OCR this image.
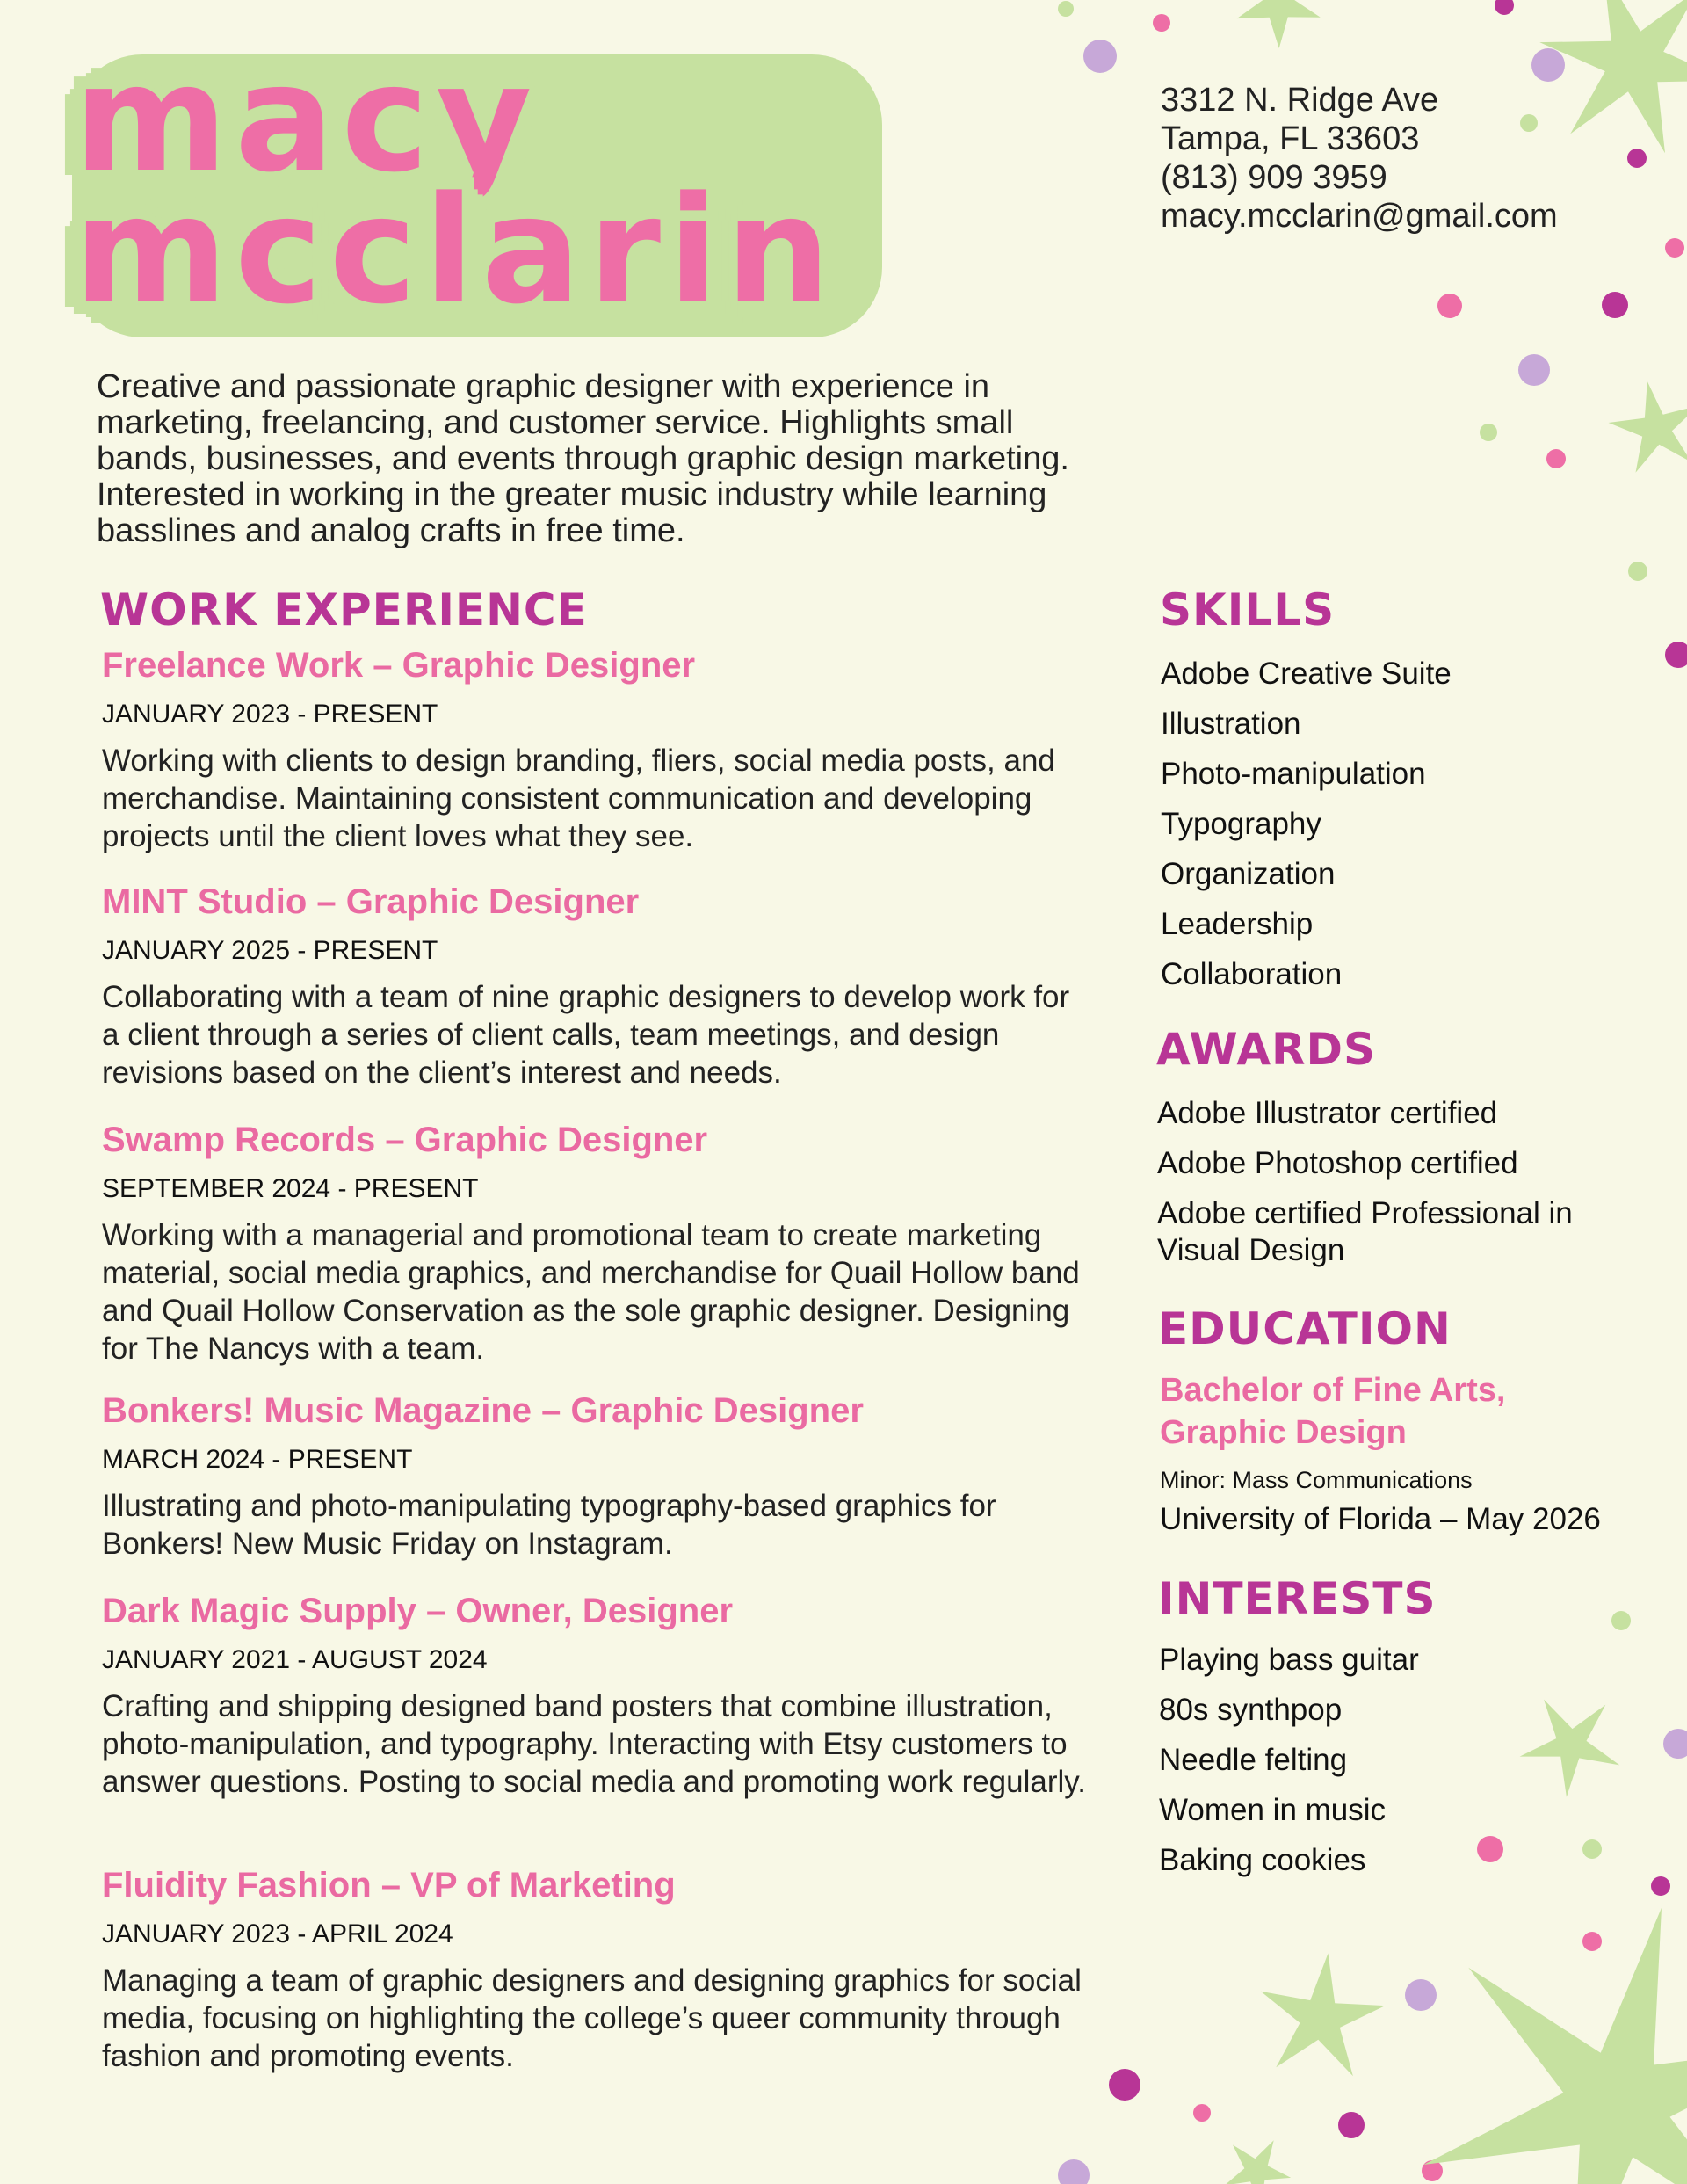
macy
mcclarin
3312 N. Ridge Ave
Tampa, FL 33603
(813) 909 3959
macy.mcclarin@gmail.com
Creative and passionate graphic designer with experience in marketing, freelancing, and customer service. Highlights small bands, businesses, and events through graphic design marketing. Interested in working in the greater music industry while learning basslines and analog crafts in free time.
WORK EXPERIENCE
Freelance Work – Graphic Designer
JANUARY 2023 - PRESENT
Working with clients to design branding, fliers, social media posts, and merchandise. Maintaining consistent communication and developing projects until the client loves what they see.
MINT Studio – Graphic Designer
JANUARY 2025 - PRESENT
Collaborating with a team of nine graphic designers to develop work for a client through a series of client calls, team meetings, and design revisions based on the client’s interest and needs.
Swamp Records – Graphic Designer
SEPTEMBER 2024 - PRESENT
Working with a managerial and promotional team to create marketing material, social media graphics, and merchandise for Quail Hollow band and Quail Hollow Conservation as the sole graphic designer. Designing for The Nancys with a team.
Bonkers! Music Magazine – Graphic Designer
MARCH 2024 - PRESENT
Illustrating and photo-manipulating typography-based graphics for Bonkers! New Music Friday on Instagram.
Dark Magic Supply – Owner, Designer
JANUARY 2021 - AUGUST 2024
Crafting and shipping designed band posters that combine illustration, photo-manipulation, and typography. Interacting with Etsy customers to answer questions. Posting to social media and promoting work regularly.
Fluidity Fashion – VP of Marketing
JANUARY 2023 - APRIL 2024
Managing a team of graphic designers and designing graphics for social media, focusing on highlighting the college’s queer community through fashion and promoting events.
SKILLS
Adobe Creative Suite
Illustration
Photo-manipulation
Typography
Organization
Leadership
Collaboration
AWARDS
Adobe Illustrator certified
Adobe Photoshop certified
Adobe certified Professional in Visual Design
EDUCATION
Bachelor of Fine Arts,
Graphic Design
Minor: Mass Communications
University of Florida – May 2026
INTERESTS
Playing bass guitar
80s synthpop
Needle felting
Women in music
Baking cookies
